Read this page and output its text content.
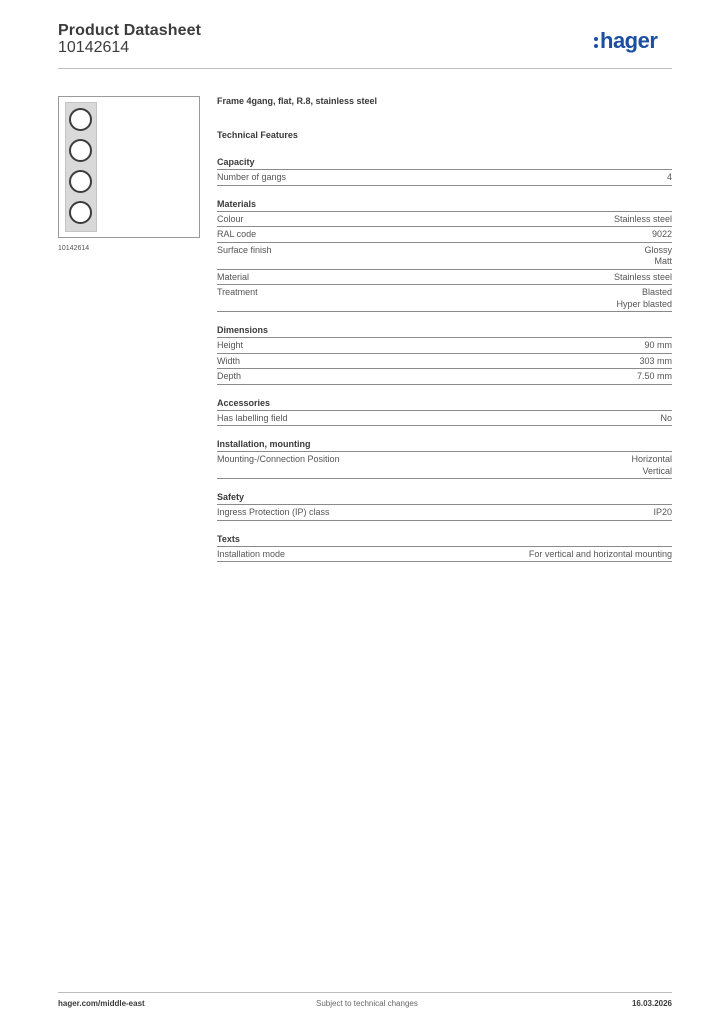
Product Datasheet
10142614	hager
10142614
Frame 4gang, flat, R.8, stainless steel
Technical Features
Capacity
Number of gangs	4
Materials
Colour	Stainless steel
RAL code	9022
Surface finish	Glossy
Matt
Material	Stainless steel
Treatment	Blasted
Hyper blasted
Dimensions
Height	90 mm
Width	303 mm
Depth	7.50 mm
Accessories
Has labelling field	No
Installation, mounting
Mounting-/Connection Position	Horizontal
Vertical
Safety
Ingress Protection (IP) class	IP20
Texts
Installation mode	For vertical and horizontal mounting
hager.com/middle-east	Subject to technical changes	16.03.2026
